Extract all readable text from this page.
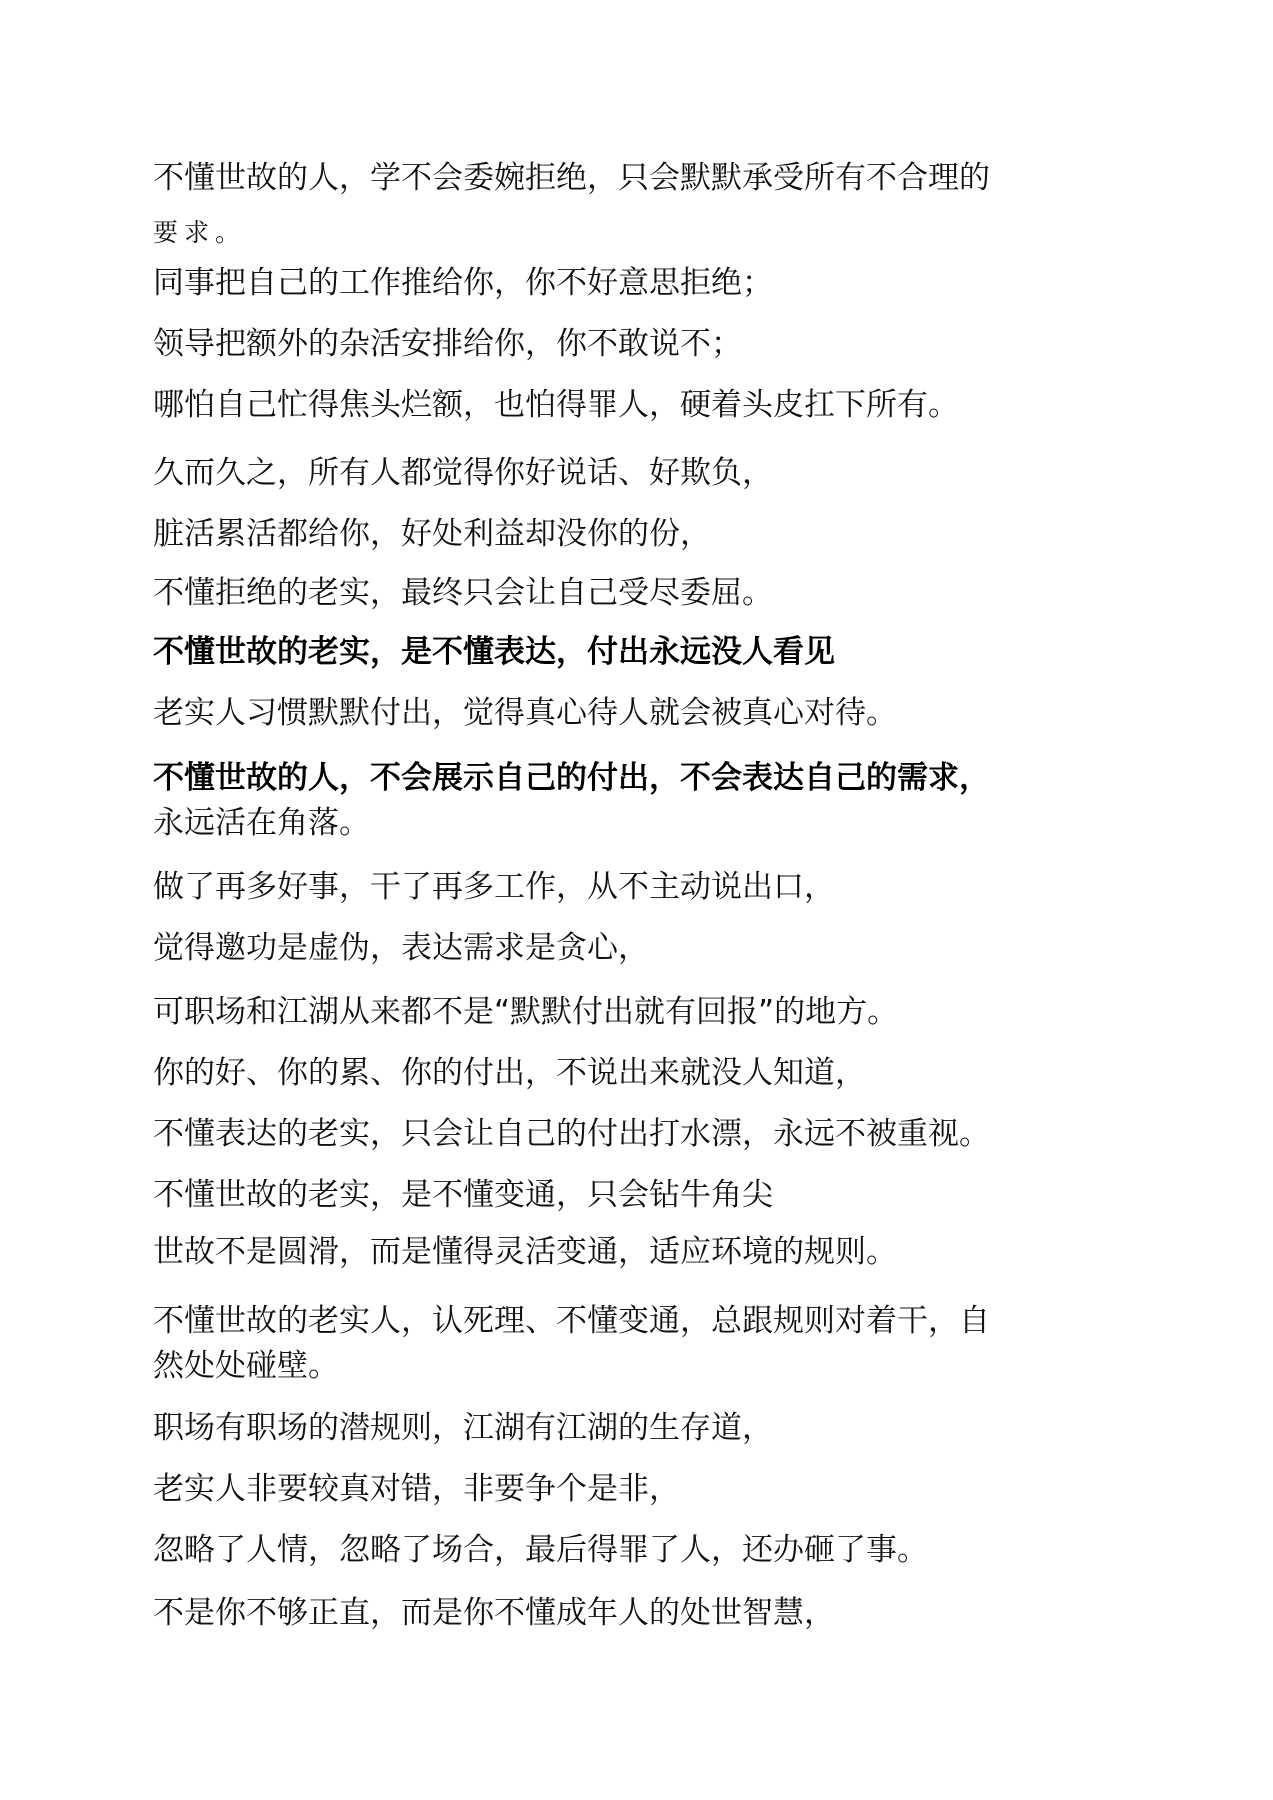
不懂世故的人，学不会委婉拒绝，只会默默承受所有不合理的

要求。

同事把自己的工作推给你，你不好意思拒绝；

领导把额外的杂活安排给你，你不敢说不；

哪怕自己忙得焦头烂额，也怕得罪人，硬着头皮扛下所有。

久而久之，所有人都觉得你好说话、好欺负，

脏活累活都给你，好处利益却没你的份，

不懂拒绝的老实，最终只会让自己受尽委屈。

不懂世故的老实，是不懂表达，付出永远没人看见

老实人习惯默默付出，觉得真心待人就会被真心对待。

不懂世故的人，不会展示自己的付出，不会表达自己的需求，

永远活在角落。

做了再多好事，干了再多工作，从不主动说出口，

觉得邀功是虚伪，表达需求是贪心，

可职场和江湖从来都不是“默默付出就有回报”的地方。

你的好、你的累、你的付出，不说出来就没人知道，

不懂表达的老实，只会让自己的付出打水漂，永远不被重视。

不懂世故的老实，是不懂变通，只会钻牛角尖

世故不是圆滑，而是懂得灵活变通，适应环境的规则。

不懂世故的老实人，认死理、不懂变通，总跟规则对着干，自

然处处碰壁。

职场有职场的潜规则，江湖有江湖的生存道，

老实人非要较真对错，非要争个是非，

忽略了人情，忽略了场合，最后得罪了人，还办砸了事。

不是你不够正直，而是你不懂成年人的处世智慧，
